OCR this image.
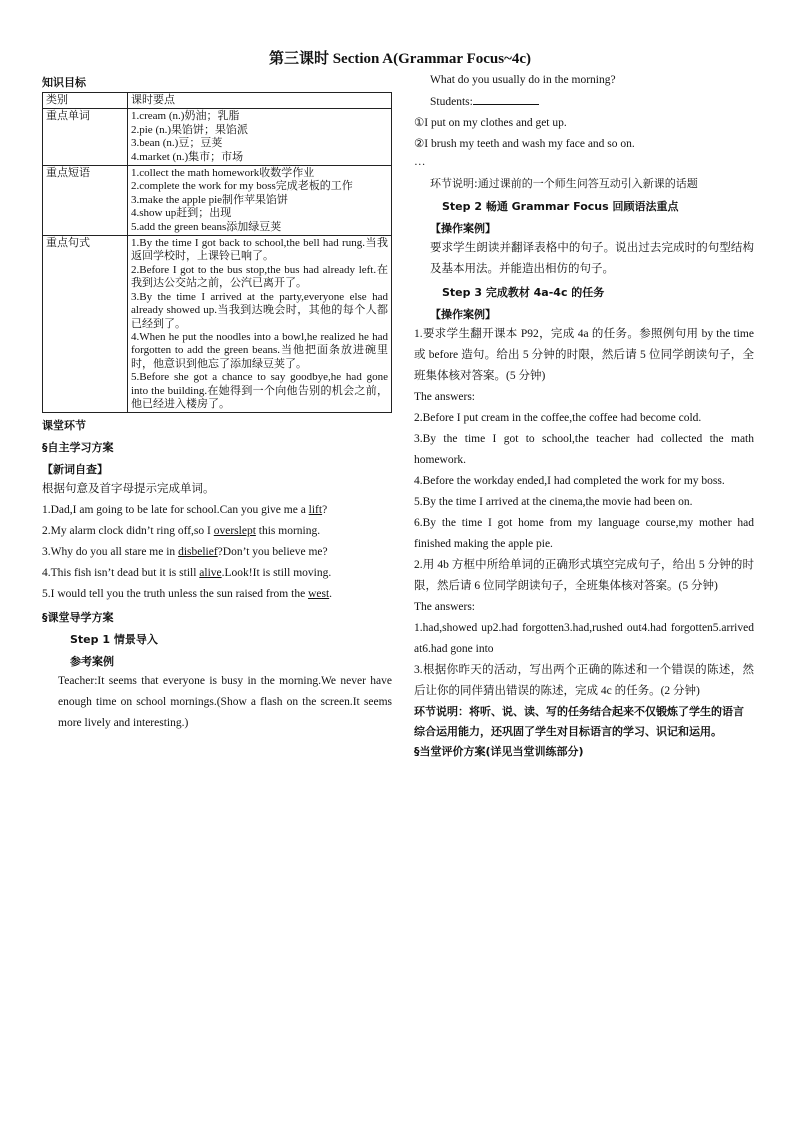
第三课时 Section A(Grammar Focus~4c)
知识目标
类别	课时要点
重点单词	1.cream (n.)奶油；乳脂
2.pie (n.)果馅饼；果馅派
3.bean (n.)豆；豆荚
4.market (n.)集市；市场

重点短语	1.collect the math homework收数学作业
2.complete the work for my boss完成老板的工作
3.make the apple pie制作苹果馅饼
4.show up赶到；出现
5.add the green beans添加绿豆荚

重点句式	1.By the time I got back to school,the bell had rung.当我返回学校时，上课铃已响了。
2.Before I got to the bus stop,the bus had already left.在我到达公交站之前，公汽已离开了。
3.By the time I arrived at the party,everyone else had already showed up.当我到达晚会时，其他的每个人都已经到了。
4.When he put the noodles into a bowl,he realized he had forgotten to add the green beans.当他把面条放进碗里时，他意识到他忘了添加绿豆荚了。
5.Before she got a chance to say goodbye,he had gone into the building.在她得到一个向他告别的机会之前，他已经进入楼房了。
课堂环节
§自主学习方案
【新词自查】

根据句意及首字母提示完成单词。

1.Dad,I am going to be late for school.Can you give me a lift?

2.My alarm clock didn’t ring off,so I overslept this morning.

3.Why do you all stare me in disbelief?Don’t you believe me?

4.This fish isn’t dead but it is still alive.Look!It is still moving.

5.I would tell you the truth unless the sun raised from the west.

§课堂导学方案
Step 1 情景导入
参考案例

Teacher:It seems that everyone is busy in the morning.We never have enough time on school mornings.(Show a flash on the screen.It seems more lively and interesting.)

What do you usually do in the morning?

Students:

①I put on my clothes and get up.

②I brush my teeth and wash my face and so on.

…

环节说明:通过课前的一个师生问答互动引入新课的话题

Step 2 畅通 Grammar Focus 回顾语法重点
【操作案例】

要求学生朗读并翻译表格中的句子。说出过去完成时的句型结构及基本用法。并能造出相仿的句子。

Step 3 完成教材 4a-4c 的任务
【操作案例】

1.要求学生翻开课本 P92，完成 4a 的任务。参照例句用 by the time或 before 造句。给出 5 分钟的时限，然后请 5 位同学朗读句子，全班集体核对答案。(5 分钟)

The answers:

2.Before I put cream in the coffee,the coffee had become cold.

3.By the time I got to school,the teacher had collected the math homework.

4.Before the workday ended,I had completed the work for my boss.

5.By the time I arrived at the cinema,the movie had been on.

6.By the time I got home from my language course,my mother had finished making the apple pie.

2.用 4b 方框中所给单词的正确形式填空完成句子，给出 5 分钟的时限，然后请 6 位同学朗读句子，全班集体核对答案。(5 分钟)

The answers:

1.had,showed up2.had forgotten3.had,rushed out4.had forgotten5.arrived at6.had gone into

3.根据你昨天的活动，写出两个正确的陈述和一个错误的陈述，然后让你的同伴猜出错误的陈述，完成 4c 的任务。(2 分钟)

环节说明：将听、说、读、写的任务结合起来不仅锻炼了学生的语言综合运用能力，还巩固了学生对目标语言的学习、识记和运用。

§当堂评价方案(详见当堂训练部分)
